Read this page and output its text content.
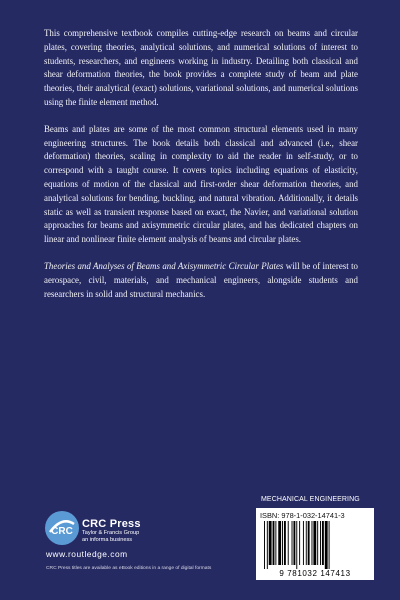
This comprehensive textbook compiles cutting-edge research on beams and circular plates, covering theories, analytical solutions, and numerical solutions of interest to students, researchers, and engineers working in industry. Detailing both classical and shear deformation theories, the book provides a complete study of beam and plate theories, their analytical (exact) solutions, variational solutions, and numerical solutions using the finite element method.

Beams and plates are some of the most common structural elements used in many engineering structures. The book details both classical and advanced (i.e., shear deformation) theories, scaling in complexity to aid the reader in self-study, or to correspond with a taught course. It covers topics including equations of elasticity, equations of motion of the classical and first-order shear deformation theories, and analytical solutions for bending, buckling, and natural vibration. Additionally, it details static as well as transient response based on exact, the Navier, and variational solution approaches for beams and axisymmetric circular plates, and has dedicated chapters on linear and nonlinear finite element analysis of beams and circular plates.

Theories and Analyses of Beams and Axisymmetric Circular Plates will be of interest to aerospace, civil, materials, and mechanical engineers, alongside students and researchers in solid and structural mechanics.

CRC
CRC Press
Taylor & Francis Group
an informa business
www.routledge.com
CRC Press titles are available as eBook editions in a range of digital formats
MECHANICAL ENGINEERING
ISBN: 978-1-032-14741-3
9 781032 147413
